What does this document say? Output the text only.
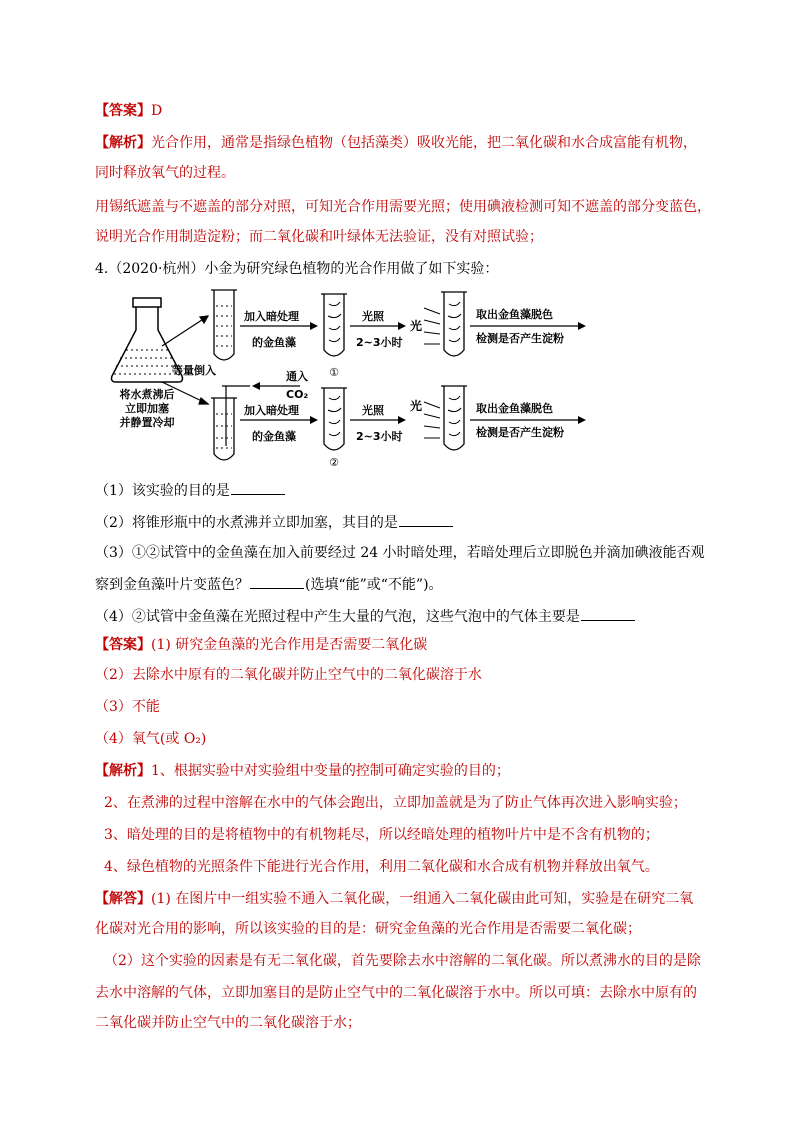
【答案】D
【解析】光合作用，通常是指绿色植物（包括藻类）吸收光能，把二氧化碳和水合成富能有机物，
同时释放氧气的过程。
用锡纸遮盖与不遮盖的部分对照，可知光合作用需要光照；使用碘液检测可知不遮盖的部分变蓝色，
说明光合作用制造淀粉；而二氧化碳和叶绿体无法验证，没有对照试验；
4.（2020·杭州）小金为研究绿色植物的光合作用做了如下实验：
将水煮沸后
立即加塞
并静置冷却
等量倒入
加入暗处理
的金鱼藻
①
光照
2~3小时
光
取出金鱼藻脱色
检测是否产生淀粉
通入
CO₂
加入暗处理
的金鱼藻
②
光照
2~3小时
光	取出金鱼藻脱色
检测是否产生淀粉
（1）该实验的目的是
（2）将锥形瓶中的水煮沸并立即加塞，其目的是
（3）①②试管中的金鱼藻在加入前要经过 24 小时暗处理，若暗处理后立即脱色并滴加碘液能否观
察到金鱼藻叶片变蓝色？	(选填“能”或“不能”)。
（4）②试管中金鱼藻在光照过程中产生大量的气泡，这些气泡中的气体主要是
【答案】(1) 研究金鱼藻的光合作用是否需要二氧化碳
（2）去除水中原有的二氧化碳并防止空气中的二氧化碳溶于水
（3）不能
（4）氧气(或 O₂)
【解析】1、根据实验中对实验组中变量的控制可确定实验的目的；
2、在煮沸的过程中溶解在水中的气体会跑出，立即加盖就是为了防止气体再次进入影响实验；
3、暗处理的目的是将植物中的有机物耗尽，所以经暗处理的植物叶片中是不含有机物的；
4、绿色植物的光照条件下能进行光合作用，利用二氧化碳和水合成有机物并释放出氧气。
【解答】(1) 在图片中一组实验不通入二氧化碳，一组通入二氧化碳由此可知，实验是在研究二氧
化碳对光合用的影响，所以该实验的目的是：研究金鱼藻的光合作用是否需要二氧化碳；
（2）这个实验的因素是有无二氧化碳，首先要除去水中溶解的二氧化碳。所以煮沸水的目的是除
去水中溶解的气体，立即加塞目的是防止空气中的二氧化碳溶于水中。所以可填：去除水中原有的
二氧化碳并防止空气中的二氧化碳溶于水；
